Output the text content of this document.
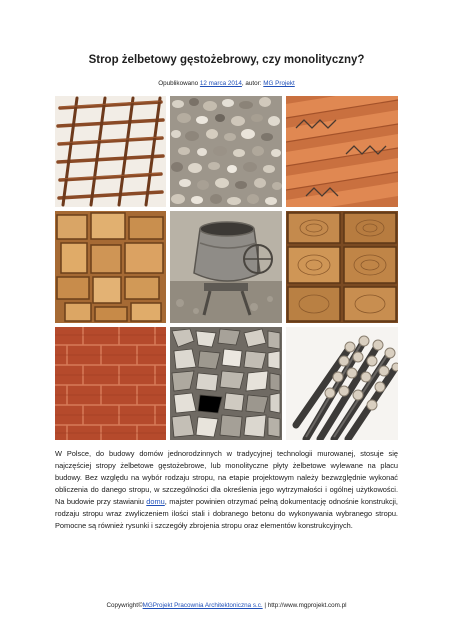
Strop żelbetowy gęstożebrowy, czy monolityczny?
Opublikowano 12 marca 2014, autor: MG Projekt

W Polsce, do budowy domów jednorodzinnych w tradycyjnej technologii murowanej, stosuje się najczęściej stropy żelbetowe gęstożebrowe, lub monolityczne płyty żelbetowe wylewane na placu budowy. Bez względu na wybór rodzaju stropu, na etapie projektowym należy bezwzględnie wykonać obliczenia do danego stropu, w szczególności dla określenia jego wytrzymałości i ogólnej użytkowości. Na budowie przy stawianiu domu, majster powinien otrzymać pełną dokumentację odnośnie konstrukcji, rodzaju stropu wraz zwyliczeniem ilości stali i dobranego betonu do wykonywania wybranego stropu. Pomocne są również rysunki i szczegóły zbrojenia stropu oraz elementów konstrukcyjnych.

Copywright©MGProjekt Pracownia Architektoniczna s.c. | http://www.mgprojekt.com.pl
